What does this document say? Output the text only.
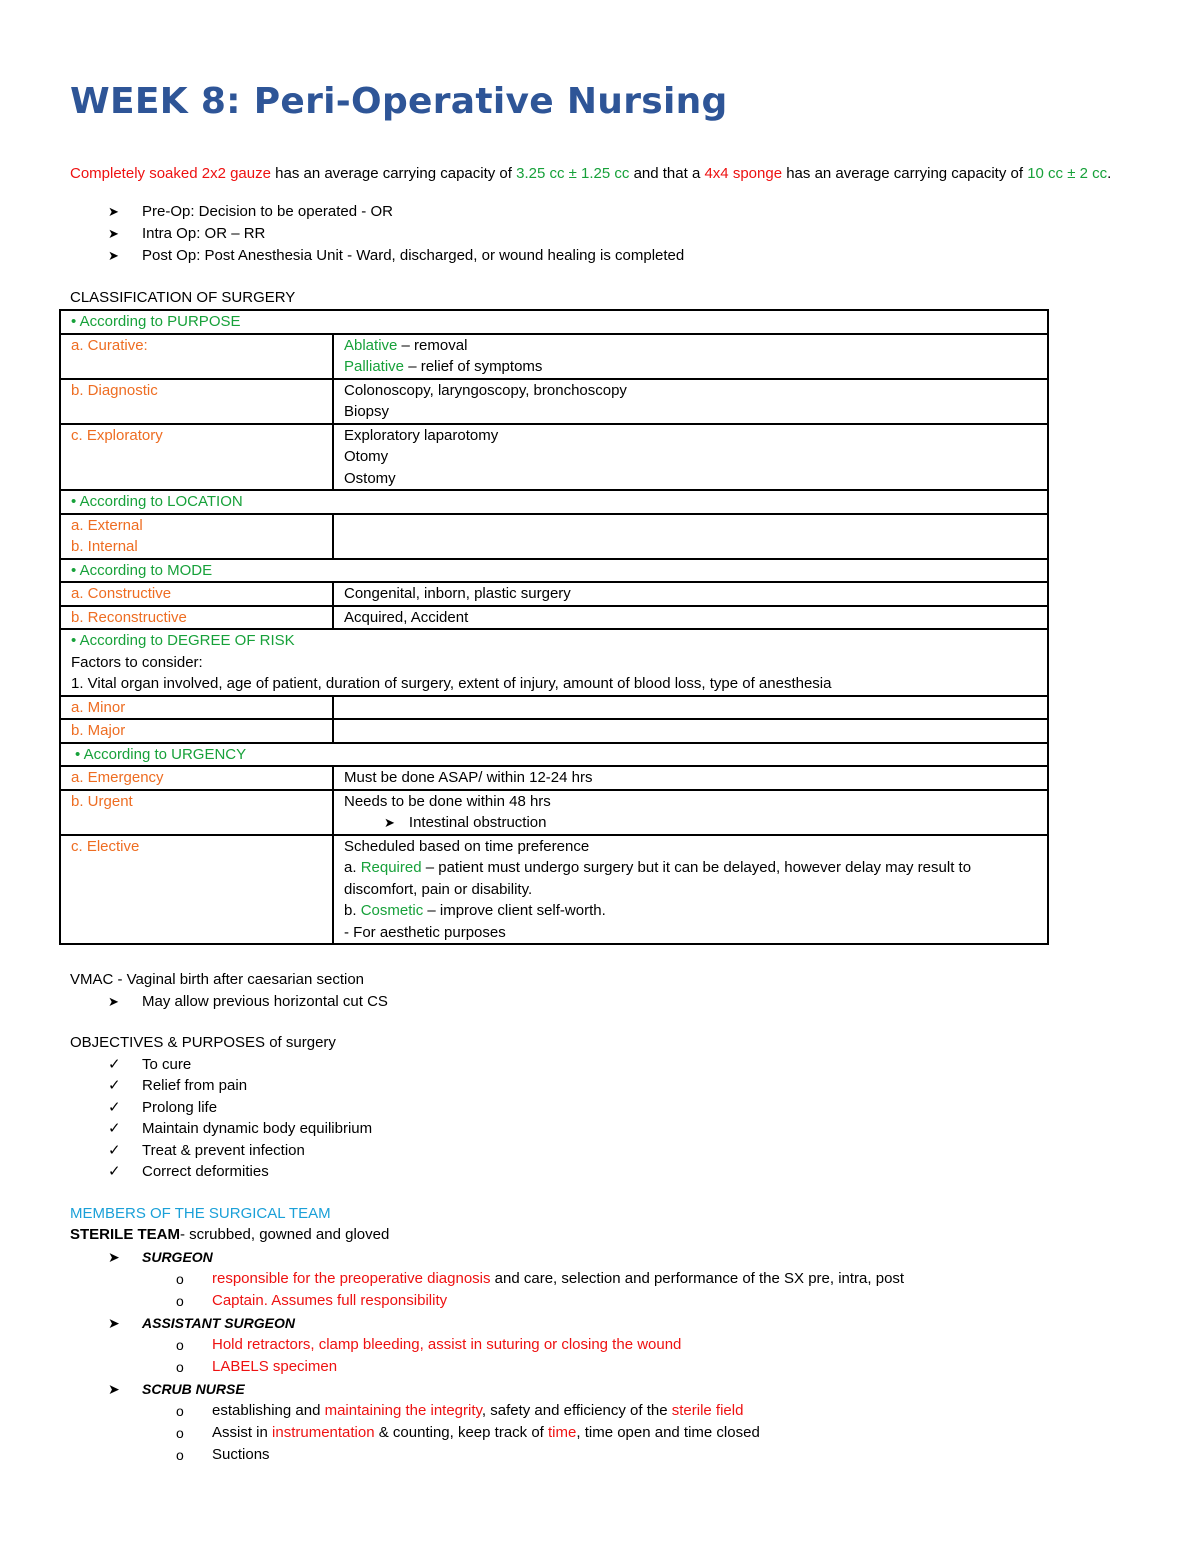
WEEK 8: Peri-Operative Nursing
Completely soaked 2x2 gauze has an average carrying capacity of 3.25 cc ± 1.25 cc and that a 4x4 sponge has an average carrying capacity of 10 cc ± 2 cc.
➤ Pre-Op: Decision to be operated - OR
➤ Intra Op: OR – RR
➤ Post Op: Post Anesthesia Unit - Ward, discharged, or wound healing is completed
CLASSIFICATION OF SURGERY
• According to PURPOSE	
a. Curative:	Ablative – removal
Palliative – relief of symptoms

b. Diagnostic	Colonoscopy, laryngoscopy, bronchoscopy
Biopsy

c. Exploratory	Exploratory laparotomy
Otomy
Ostomy

• According to LOCATION	

a. External
b. Internal	

• According to MODE	
a. Constructive	Congenital, inborn, plastic surgery
b. Reconstructive	Acquired, Accident

• According to DEGREE OF RISK
Factors to consider:
1. Vital organ involved, age of patient, duration of surgery, extent of injury, amount of blood loss, type of anesthesia	

a. Minor	
b. Major	
• According to URGENCY	
a. Emergency	Must be done ASAP/ within 12-24 hrs
b. Urgent	Needs to be done within 48 hrs
➤ Intestinal obstruction

c. Elective	Scheduled based on time preference
a. Required – patient must undergo surgery but it can be delayed, however delay may result to discomfort, pain or disability.
b. Cosmetic – improve client self-worth.
- For aesthetic purposes
VMAC - Vaginal birth after caesarian section
➤ May allow previous horizontal cut CS
OBJECTIVES & PURPOSES of surgery
✓ To cure
✓ Relief from pain
✓ Prolong life
✓ Maintain dynamic body equilibrium
✓ Treat & prevent infection
✓ Correct deformities
MEMBERS OF THE SURGICAL TEAM
STERILE TEAM- scrubbed, gowned and gloved
➤ SURGEON
o responsible for the preoperative diagnosis and care, selection and performance of the SX pre, intra, post
o Captain. Assumes full responsibility
➤ ASSISTANT SURGEON
o Hold retractors, clamp bleeding, assist in suturing or closing the wound
o LABELS specimen
➤ SCRUB NURSE
o establishing and maintaining the integrity, safety and efficiency of the sterile field
o Assist in instrumentation & counting, keep track of time, time open and time closed
o Suctions
